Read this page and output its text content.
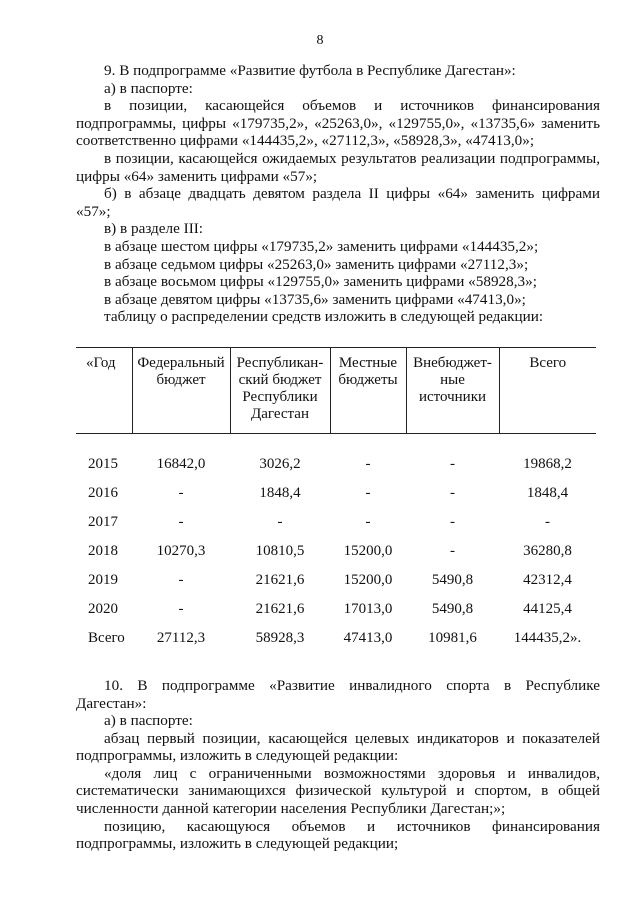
8

9. В подпрограмме «Развитие футбола в Республике Дагестан»:

а) в паспорте:

в позиции, касающейся объемов и источников финансирования

подпрограммы, цифры «179735,2», «25263,0», «129755,0», «13735,6» заменить

соответственно цифрами «144435,2», «27112,3», «58928,3», «47413,0»;

в позиции, касающейся ожидаемых результатов реализации подпрограммы,

цифры «64» заменить цифрами «57»;

б) в абзаце двадцать девятом раздела II цифры «64» заменить цифрами

«57»;

в) в разделе III:

в абзаце шестом цифры «179735,2» заменить цифрами «144435,2»;

в абзаце седьмом цифры «25263,0» заменить цифрами «27112,3»;

в абзаце восьмом цифры «129755,0» заменить цифрами «58928,3»;

в абзаце девятом цифры «13735,6» заменить цифрами «47413,0»;

таблицу о распределении средств изложить в следующей редакции:

«Год	Федеральный бюджет	Республикан-ский бюджет Республики Дагестан	Местные бюджеты	Внебюджет-ные источники	Всего
2015	16842,0	3026,2	-	-	19868,2
2016	-	1848,4	-	-	1848,4
2017	-	-	-	-	-
2018	10270,3	10810,5	15200,0	-	36280,8
2019	-	21621,6	15200,0	5490,8	42312,4
2020	-	21621,6	17013,0	5490,8	44125,4
Всего	27112,3	58928,3	47413,0	10981,6	144435,2».

10. В подпрограмме «Развитие инвалидного спорта в Республике

Дагестан»:

а) в паспорте:

абзац первый позиции, касающейся целевых индикаторов и показателей

подпрограммы, изложить в следующей редакции:

«доля лиц с ограниченными возможностями здоровья и инвалидов,

систематически занимающихся физической культурой и спортом, в общей

численности данной категории населения Республики Дагестан;»;

позицию, касающуюся объемов и источников финансирования

подпрограммы, изложить в следующей редакции;
